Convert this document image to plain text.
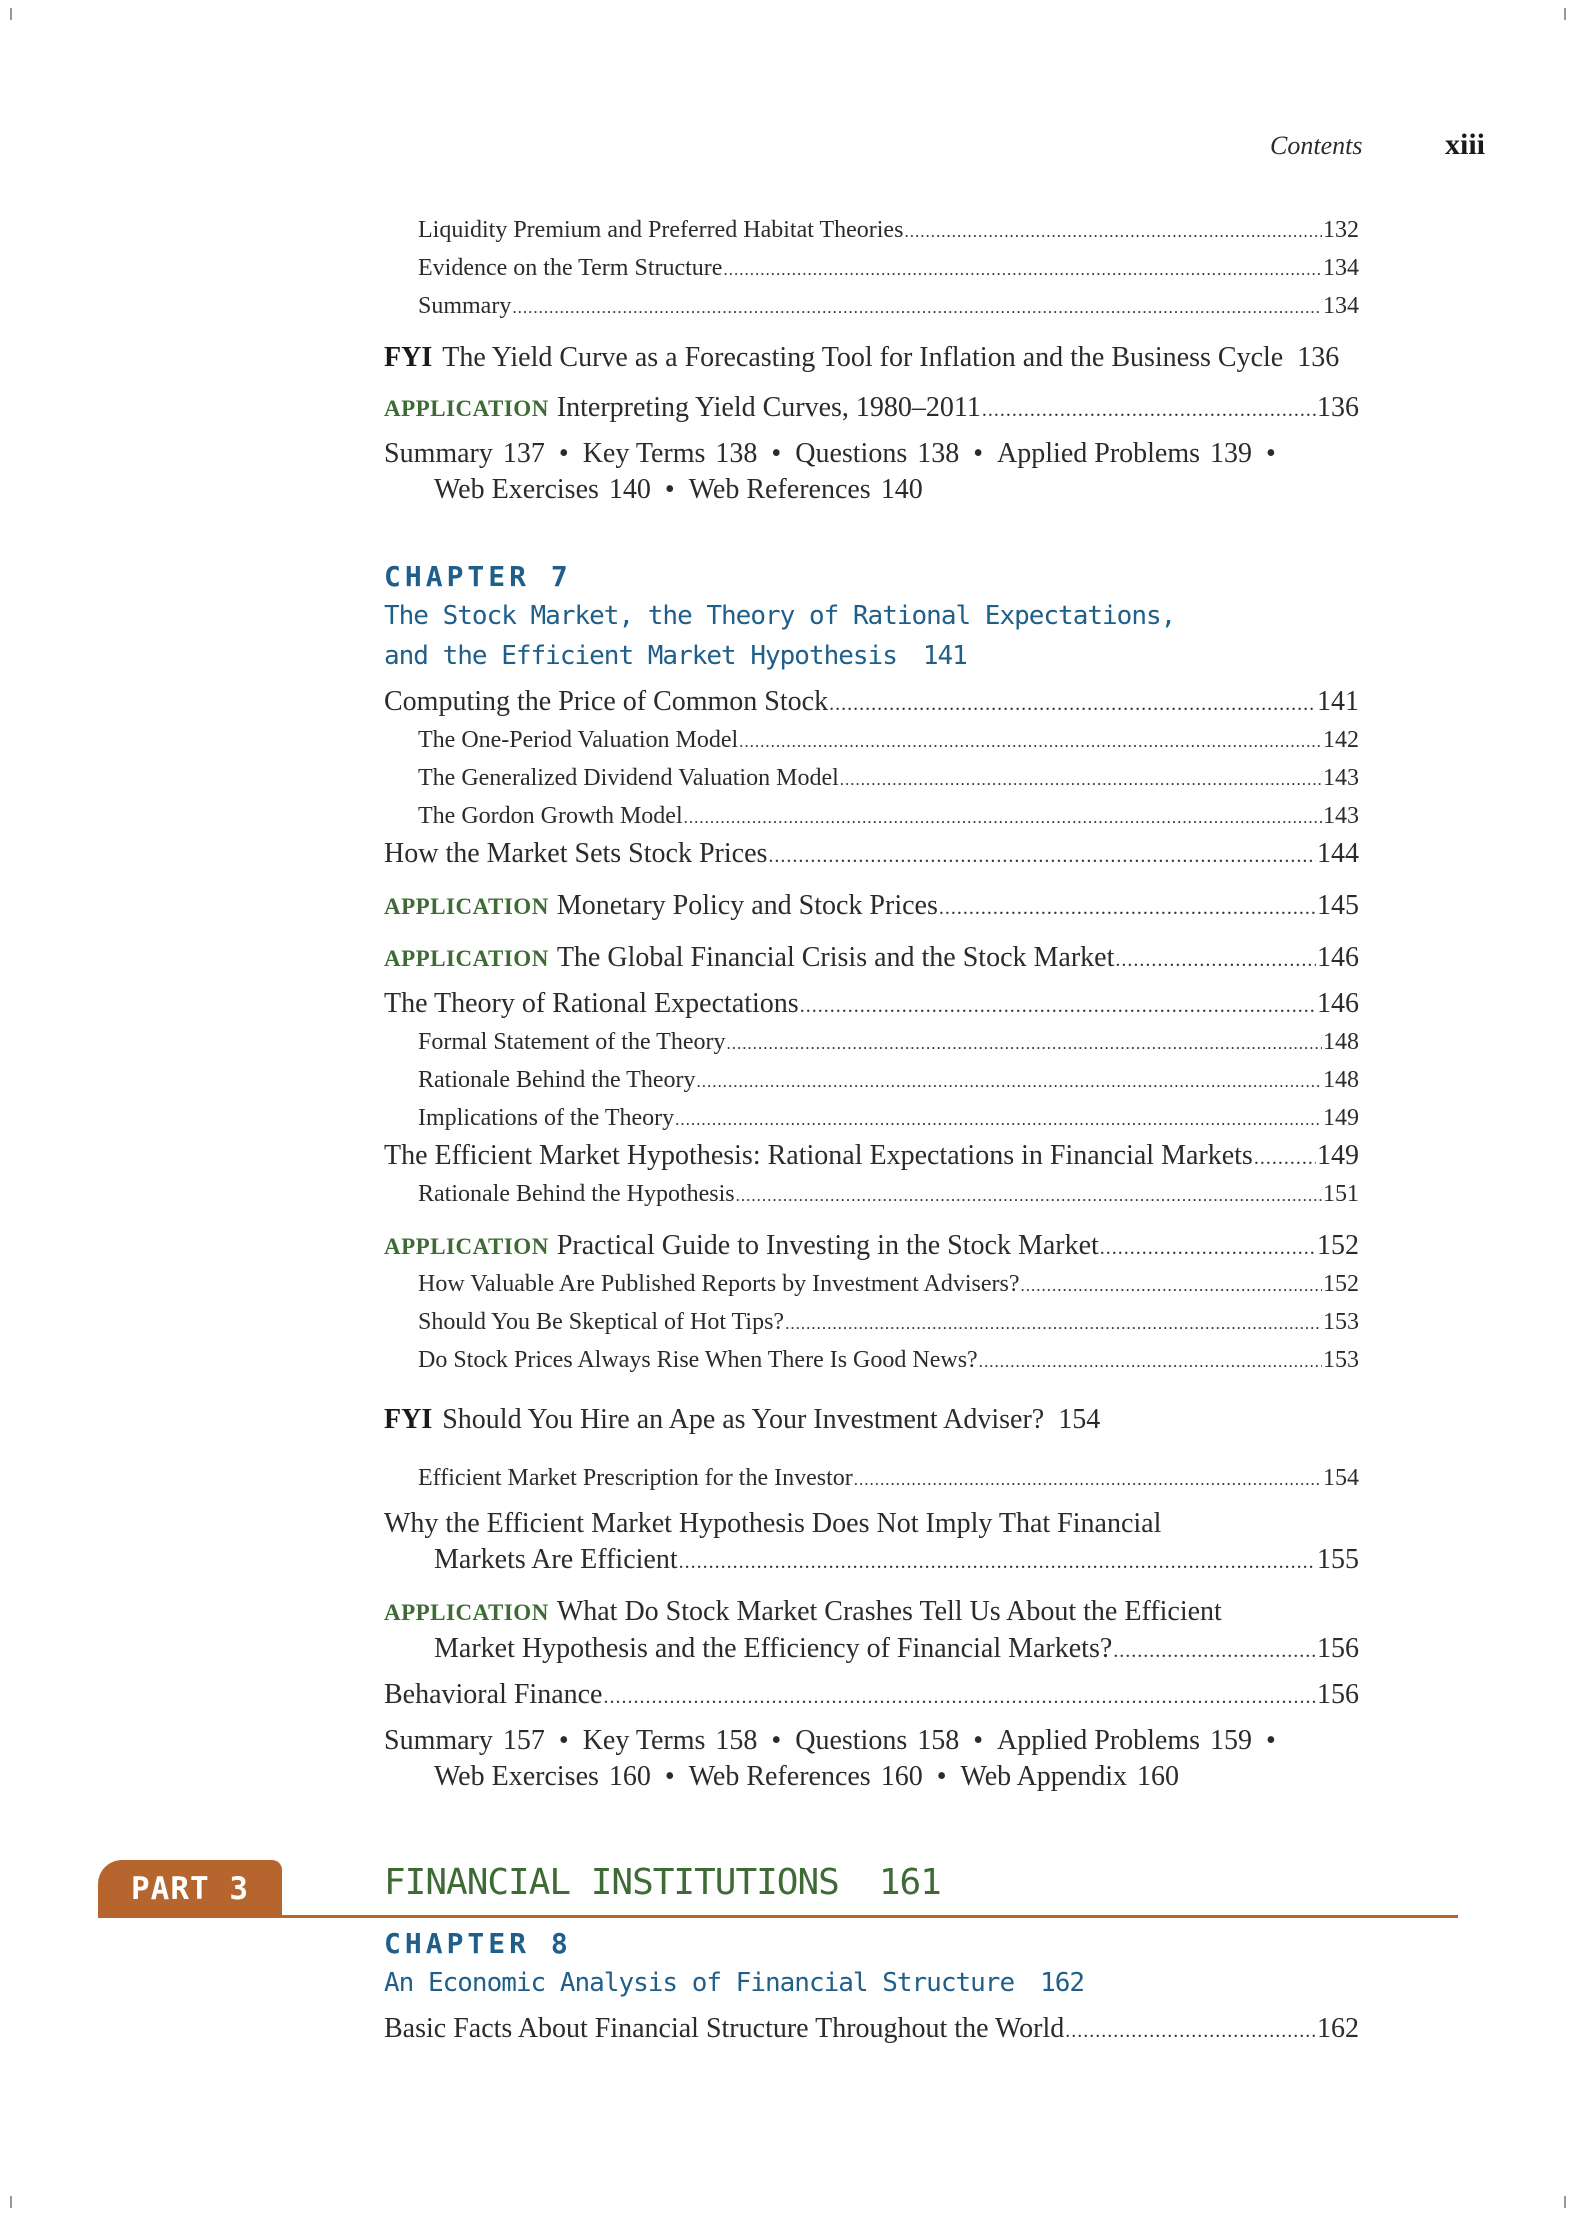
Contents	xiii
Liquidity Premium and Preferred Habitat Theories .....	132
Evidence on the Term Structure .....	134
Summary .....	134
FYI The Yield Curve as a Forecasting Tool for Inflation and the Business Cycle 136
APPLICATION Interpreting Yield Curves, 1980–2011 .....	136
Summary 137 • Key Terms 138 • Questions 138 • Applied Problems 139 •
Web Exercises 140 • Web References 140
CHAPTER 7
The Stock Market, the Theory of Rational Expectations,
and the Efficient Market Hypothesis 141
Computing the Price of Common Stock .....	141
The One-Period Valuation Model .....	142
The Generalized Dividend Valuation Model .....	143
The Gordon Growth Model .....	143
How the Market Sets Stock Prices .....	144
APPLICATION Monetary Policy and Stock Prices .....	145
APPLICATION The Global Financial Crisis and the Stock Market .....	146
The Theory of Rational Expectations .....	146
Formal Statement of the Theory .....	148
Rationale Behind the Theory .....	148
Implications of the Theory .....	149
The Efficient Market Hypothesis: Rational Expectations in Financial Markets ..... 149
Rationale Behind the Hypothesis .....	151
APPLICATION Practical Guide to Investing in the Stock Market .....	152
How Valuable Are Published Reports by Investment Advisers? .....	152
Should You Be Skeptical of Hot Tips? .....	153
Do Stock Prices Always Rise When There Is Good News? .....	153
FYI Should You Hire an Ape as Your Investment Adviser? 154
Efficient Market Prescription for the Investor .....	154
Why the Efficient Market Hypothesis Does Not Imply That Financial
Markets Are Efficient .....	155
APPLICATION What Do Stock Market Crashes Tell Us About the Efficient
Market Hypothesis and the Efficiency of Financial Markets? .....	156
Behavioral Finance .....	156
Summary 157 • Key Terms 158 • Questions 158 • Applied Problems 159 •
Web Exercises 160 • Web References 160 • Web Appendix 160
PART 3	FINANCIAL INSTITUTIONS 161
CHAPTER 8
An Economic Analysis of Financial Structure 162
Basic Facts About Financial Structure Throughout the World .....	162
